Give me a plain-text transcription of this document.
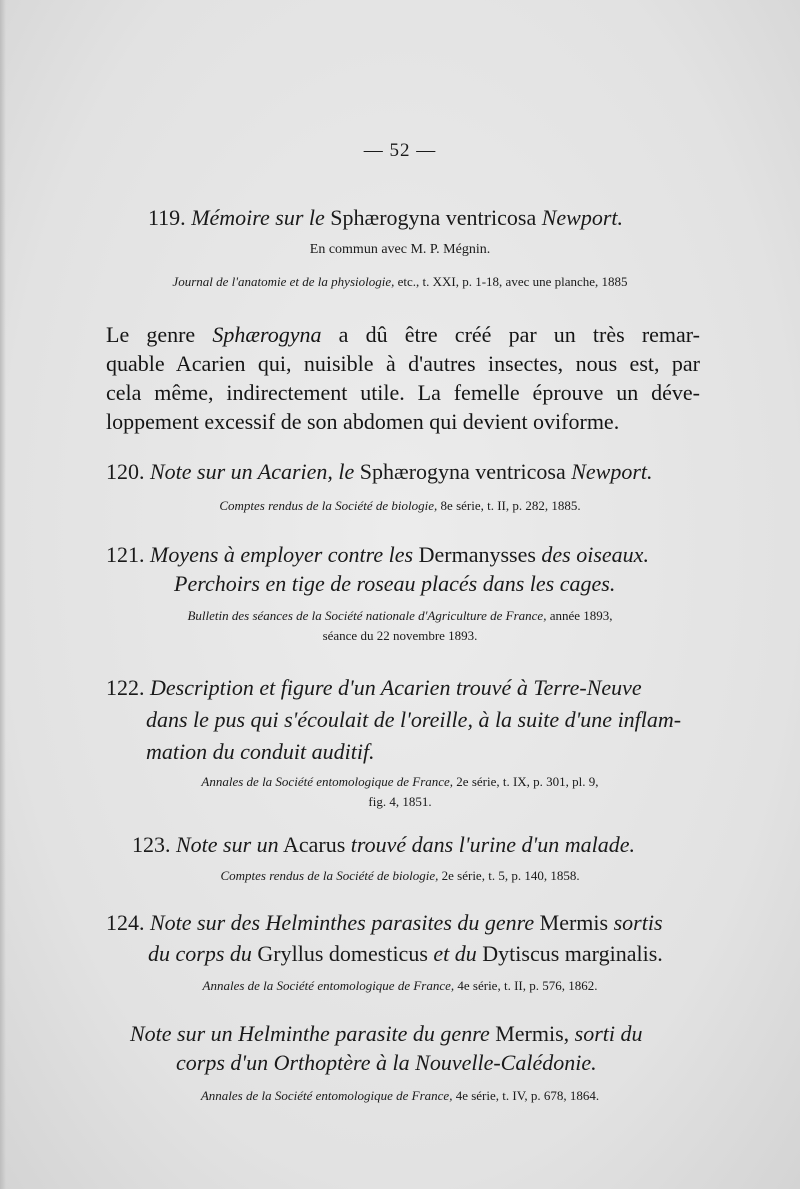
— 52 —
119. Mémoire sur le Sphærogyna ventricosa Newport.
En commun avec M. P. Mégnin.
Journal de l'anatomie et de la physiologie, etc., t. XXI, p. 1-18, avec une planche, 1885
Le genre Sphærogyna a dû être créé par un très remar-
quable Acarien qui, nuisible à d'autres insectes, nous est, par
cela même, indirectement utile. La femelle éprouve un déve-
loppement excessif de son abdomen qui devient oviforme.
120. Note sur un Acarien, le Sphærogyna ventricosa Newport.
Comptes rendus de la Société de biologie, 8e série, t. II, p. 282, 1885.
121. Moyens à employer contre les Dermanysses des oiseaux.
Perchoirs en tige de roseau placés dans les cages.
Bulletin des séances de la Société nationale d'Agriculture de France, année 1893,
séance du 22 novembre 1893.
122. Description et figure d'un Acarien trouvé à Terre-Neuve
dans le pus qui s'écoulait de l'oreille, à la suite d'une inflam-
mation du conduit auditif.
Annales de la Société entomologique de France, 2e série, t. IX, p. 301, pl. 9,
fig. 4, 1851.
123. Note sur un Acarus trouvé dans l'urine d'un malade.
Comptes rendus de la Société de biologie, 2e série, t. 5, p. 140, 1858.
124. Note sur des Helminthes parasites du genre Mermis sortis
du corps du Gryllus domesticus et du Dytiscus marginalis.
Annales de la Société entomologique de France, 4e série, t. II, p. 576, 1862.
Note sur un Helminthe parasite du genre Mermis, sorti du
corps d'un Orthoptère à la Nouvelle-Calédonie.
Annales de la Société entomologique de France, 4e série, t. IV, p. 678, 1864.
